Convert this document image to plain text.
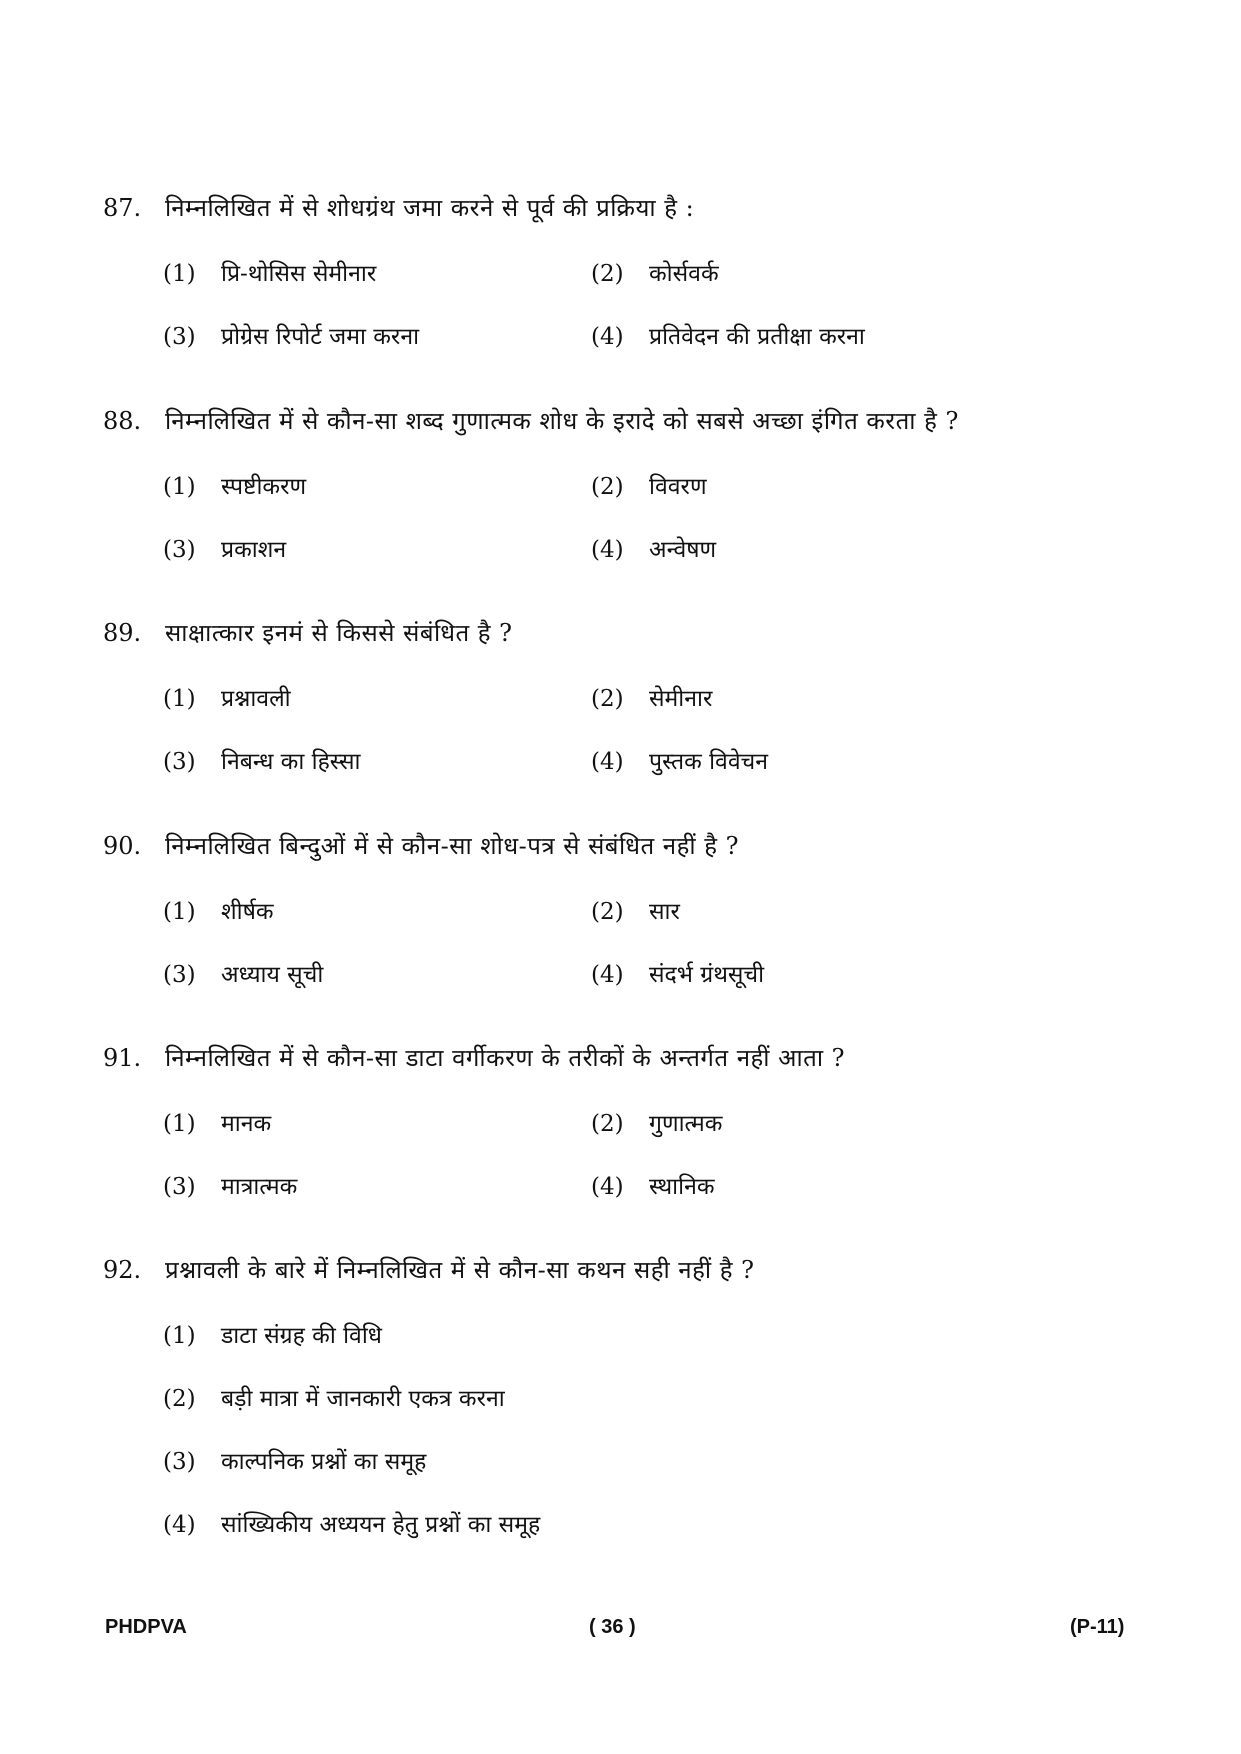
87. निम्नलिखित में से शोधग्रंथ जमा करने से पूर्व की प्रक्रिया है :
(1) प्रि-थोसिस सेमीनार	(2) कोर्सवर्क
(3) प्रोग्रेस रिपोर्ट जमा करना	(4) प्रतिवेदन की प्रतीक्षा करना
88. निम्नलिखित में से कौन-सा शब्द गुणात्मक शोध के इरादे को सबसे अच्छा इंगित करता है ?
(1) स्पष्टीकरण	(2) विवरण
(3) प्रकाशन	(4) अन्वेषण
89. साक्षात्कार इनमं से किससे संबंधित है ?
(1) प्रश्नावली	(2) सेमीनार
(3) निबन्ध का हिस्सा	(4) पुस्तक विवेचन
90. निम्नलिखित बिन्दुओं में से कौन-सा शोध-पत्र से संबंधित नहीं है ?
(1) शीर्षक	(2) सार
(3) अध्याय सूची	(4) संदर्भ ग्रंथसूची
91. निम्नलिखित में से कौन-सा डाटा वर्गीकरण के तरीकों के अन्तर्गत नहीं आता ?
(1) मानक	(2) गुणात्मक
(3) मात्रात्मक	(4) स्थानिक
92. प्रश्नावली के बारे में निम्नलिखित में से कौन-सा कथन सही नहीं है ?
(1) डाटा संग्रह की विधि
(2) बड़ी मात्रा में जानकारी एकत्र करना
(3) काल्पनिक प्रश्नों का समूह
(4) सांख्यिकीय अध्ययन हेतु प्रश्नों का समूह
PHDPVA	( 36 )	(P-11)
